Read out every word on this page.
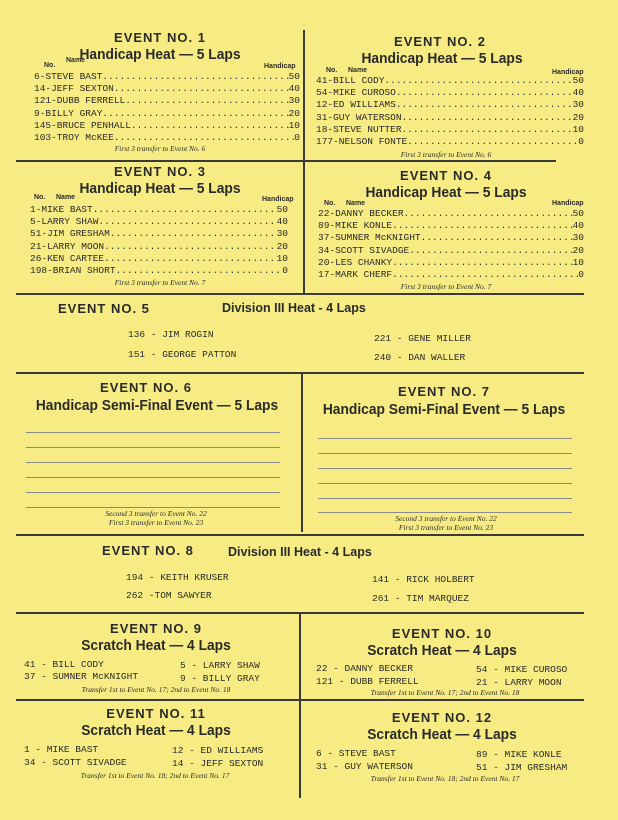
EVENT NO. 1
Handicap Heat — 5 Laps
No.
Name
Handicap
6-STEVE BAST .....	50
14-JEFF SEXTON .....	40
121-DUBB FERRELL .....	30
9-BILLY GRAY .....	20
145-BRUCE PENHALL .....	10
103-TROY McKEE .....	0
First 3 transfer to Event No. 6
EVENT NO. 2
Handicap Heat — 5 Laps
No. Name	Handicap
41-BILL CODY .....	50
54-MIKE CUROSO .....	40
12-ED WILLIAMS .....	30
31-GUY WATERSON .....	20
18-STEVE NUTTER .....	10
177-NELSON FONTE .....	0
First 3 transfer to Event No. 6
EVENT NO. 3
Handicap Heat — 5 Laps
No. Name	Handicap
1-MIKE BAST .....	50
5-LARRY SHAW .....	40
51-JIM GRESHAM .....	30
21-LARRY MOON .....	20
26-KEN CARTEE .....	10
198-BRIAN SHORT .....	0
First 3 transfer to Event No. 7
EVENT NO. 4
Handicap Heat — 5 Laps
No. Name	Handicap
22-DANNY BECKER .....	50
89-MIKE KONLE .....	40
37-SUMNER McKNIGHT .....	30
34-SCOTT SIVADGE .....	20
20-LES CHANKY .....	10
17-MARK CHERF .....	0
First 3 transfer to Event No. 7
EVENT NO. 5	Division III Heat - 4 Laps
136 - JIM ROGIN
151 - GEORGE PATTON
221 - GENE MILLER
240 - DAN WALLER
EVENT NO. 6
Handicap Semi-Final Event — 5 Laps
Second 3 transfer to Event No. 22
First 3 transfer to Event No. 23
EVENT NO. 7
Handicap Semi-Final Event — 5 Laps
Second 3 transfer to Event No. 22
First 3 transfer to Event No. 23
EVENT NO. 8	Division III Heat - 4 Laps
194 - KEITH KRUSER
262 -TOM SAWYER
141 - RICK HOLBERT
261 - TIM MARQUEZ
EVENT NO. 9
Scratch Heat — 4 Laps
41 - BILL CODY
37 - SUMNER McKNIGHT
5 - LARRY SHAW
9 - BILLY GRAY
Transfer 1st to Event No. 17; 2nd to Event No. 18
EVENT NO. 10
Scratch Heat — 4 Laps
22 - DANNY BECKER
121 - DUBB FERRELL
54 - MIKE CUROSO
21 - LARRY MOON
Transfer 1st to Event No. 17; 2nd to Event No. 18
EVENT NO. 11
Scratch Heat — 4 Laps
1 - MIKE BAST
34 - SCOTT SIVADGE
12 - ED WILLIAMS
14 - JEFF SEXTON
Transfer 1st to Event No. 18; 2nd to Event No. 17
EVENT NO. 12
Scratch Heat — 4 Laps
6 - STEVE BAST
31 - GUY WATERSON
89 - MIKE KONLE
51 - JIM GRESHAM
Transfer 1st to Event No. 18; 2nd to Event No. 17
